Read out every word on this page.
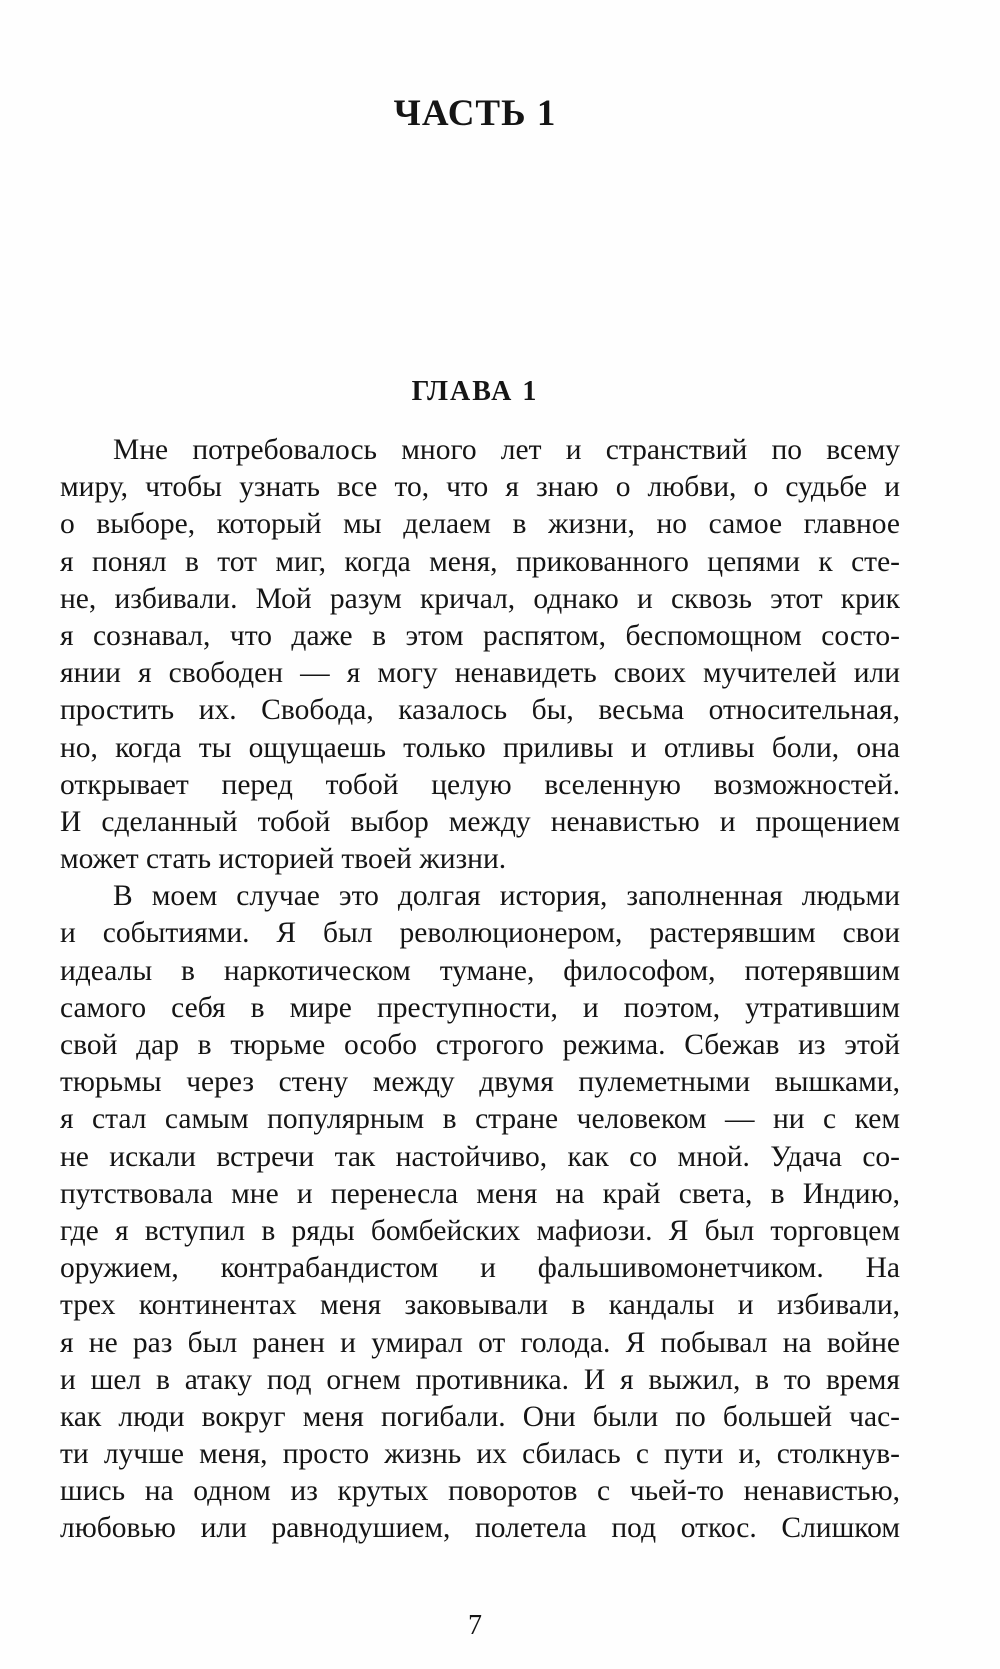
ЧАСТЬ 1
ГЛАВА 1
Мне потребовалось много лет и странствий по всему
миру, чтобы узнать все то, что я знаю о любви, о судьбе и
о выборе, который мы делаем в жизни, но самое главное
я понял в тот миг, когда меня, прикованного цепями к сте-
не, избивали. Мой разум кричал, однако и сквозь этот крик
я сознавал, что даже в этом распятом, беспомощном состо-
янии я свободен — я могу ненавидеть своих мучителей или
простить их. Свобода, казалось бы, весьма относительная,
но, когда ты ощущаешь только приливы и отливы боли, она
открывает перед тобой целую вселенную возможностей.
И сделанный тобой выбор между ненавистью и прощением
может стать историей твоей жизни.
В моем случае это долгая история, заполненная людьми
и событиями. Я был революционером, растерявшим свои
идеалы в наркотическом тумане, философом, потерявшим
самого себя в мире преступности, и поэтом, утратившим
свой дар в тюрьме особо строгого режима. Сбежав из этой
тюрьмы через стену между двумя пулеметными вышками,
я стал самым популярным в стране человеком — ни с кем
не искали встречи так настойчиво, как со мной. Удача со-
путствовала мне и перенесла меня на край света, в Индию,
где я вступил в ряды бомбейских мафиози. Я был торговцем
оружием, контрабандистом и фальшивомонетчиком. На
трех континентах меня заковывали в кандалы и избивали,
я не раз был ранен и умирал от голода. Я побывал на войне
и шел в атаку под огнем противника. И я выжил, в то время
как люди вокруг меня погибали. Они были по большей час-
ти лучше меня, просто жизнь их сбилась с пути и, столкнув-
шись на одном из крутых поворотов с чьей-то ненавистью,
любовью или равнодушием, полетела под откос. Слишком
7
